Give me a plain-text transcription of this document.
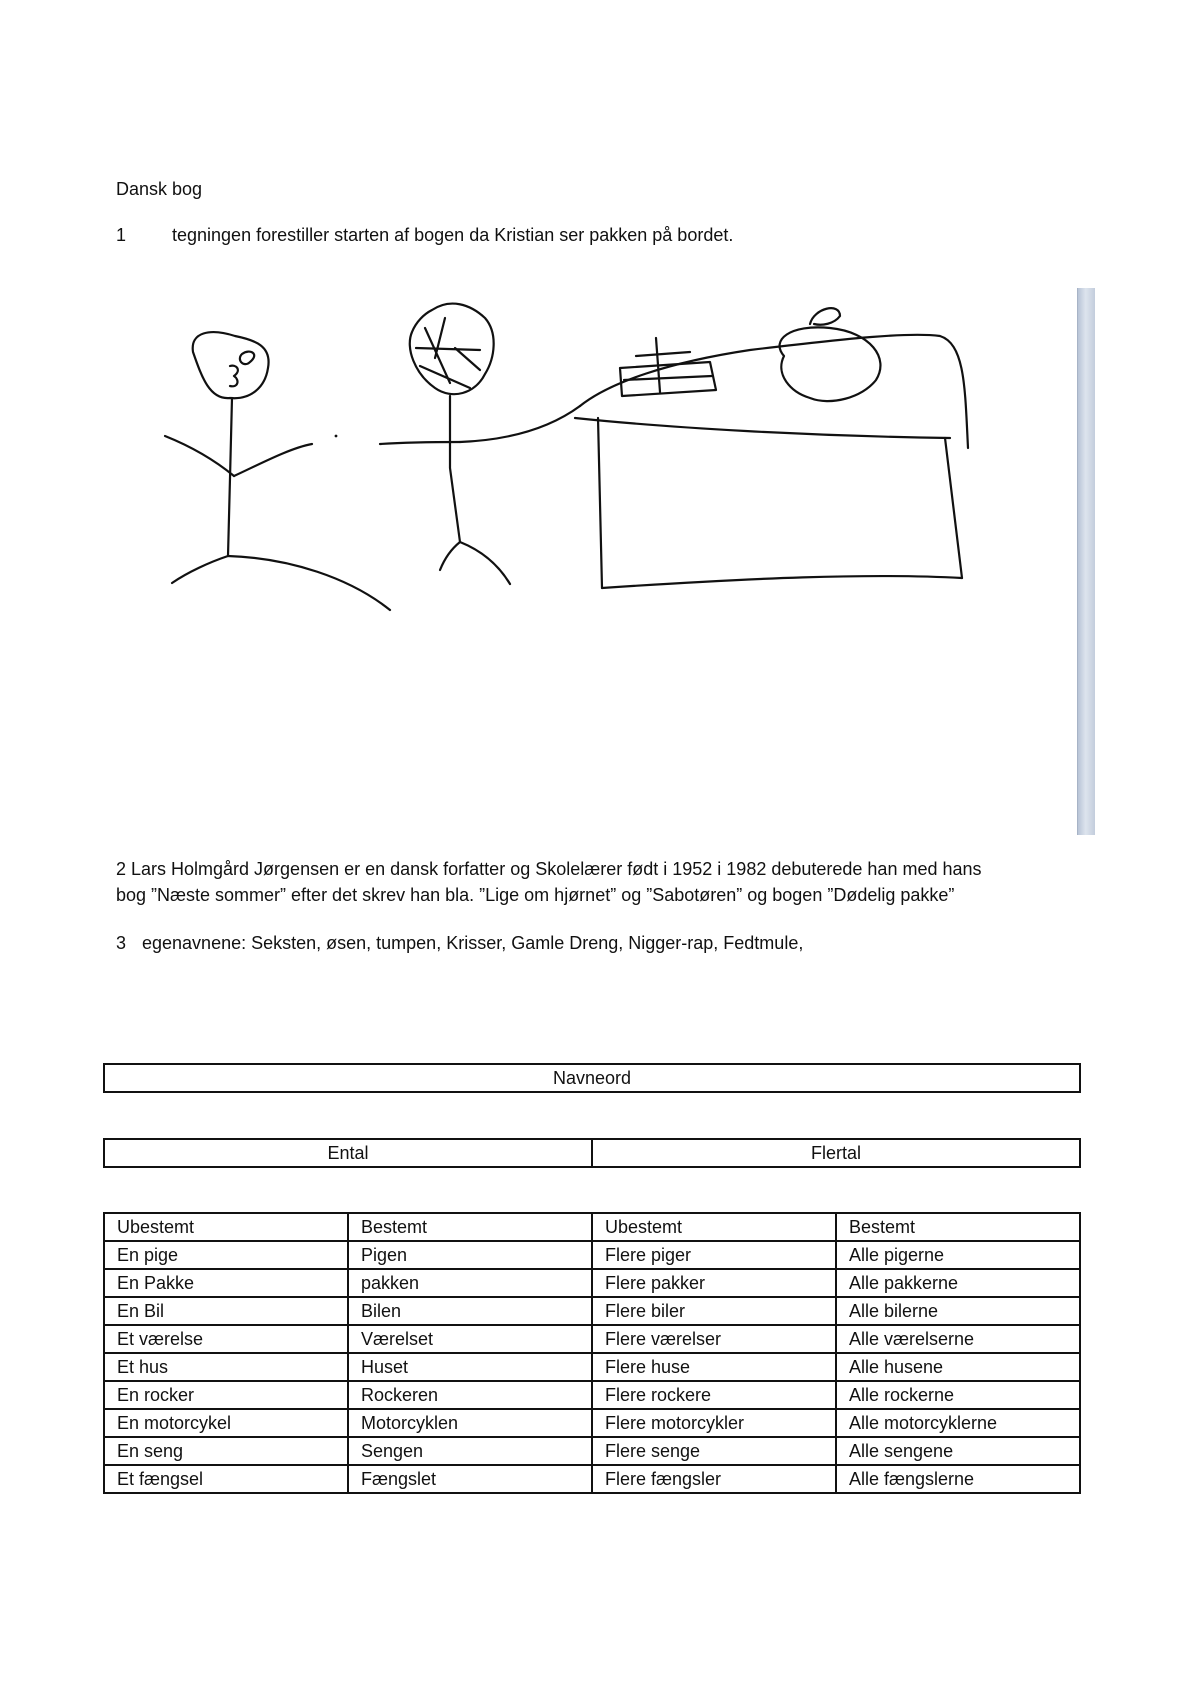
Dansk bog
1	tegningen forestiller starten af bogen da Kristian ser pakken på bordet.
2 Lars Holmgård Jørgensen er en dansk forfatter og Skolelærer født i 1952 i 1982 debuterede han med hans
bog ”Næste sommer” efter det skrev han bla. ”Lige om hjørnet” og ”Sabotøren” og bogen ”Dødelig pakke”
3 egenavnene: Seksten, øsen, tumpen, Krisser, Gamle Dreng, Nigger-rap, Fedtmule,
Navneord
Ental	Flertal
Ubestemt	Bestemt	Ubestemt	Bestemt
En pige	Pigen	Flere piger	Alle pigerne
En Pakke	pakken	Flere pakker	Alle pakkerne
En Bil	Bilen	Flere biler	Alle bilerne
Et værelse	Værelset	Flere værelser	Alle værelserne
Et hus	Huset	Flere huse	Alle husene
En rocker	Rockeren	Flere rockere	Alle rockerne
En motorcykel	Motorcyklen	Flere motorcykler	Alle motorcyklerne
En seng	Sengen	Flere senge	Alle sengene
Et fængsel	Fængslet	Flere fængsler	Alle fængslerne
